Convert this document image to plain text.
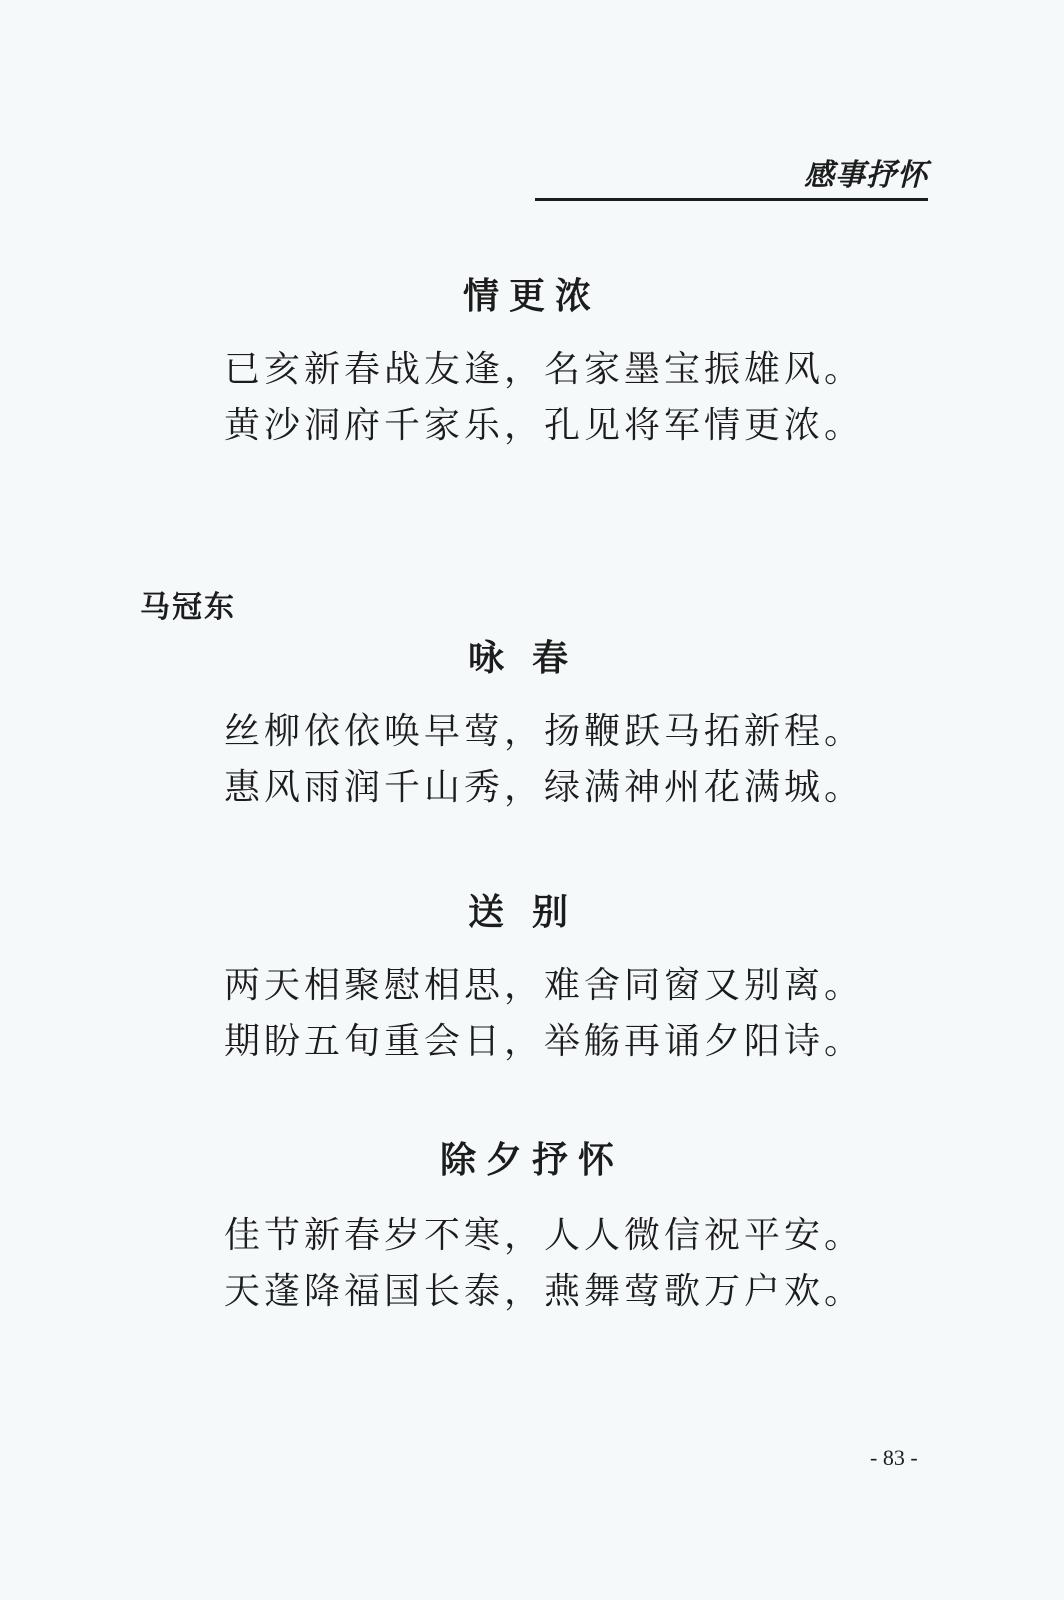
感事抒怀
情更浓
已亥新春战友逢，名家墨宝振雄风。
黄沙洞府千家乐，孔见将军情更浓。
马冠东
咏春
丝柳依依唤早莺，扬鞭跃马拓新程。
惠风雨润千山秀，绿满神州花满城。
送别
两天相聚慰相思，难舍同窗又别离。
期盼五旬重会日，举觞再诵夕阳诗。
除夕抒怀
佳节新春岁不寒，人人微信祝平安。
天蓬降福国长泰，燕舞莺歌万户欢。
- 83 -
